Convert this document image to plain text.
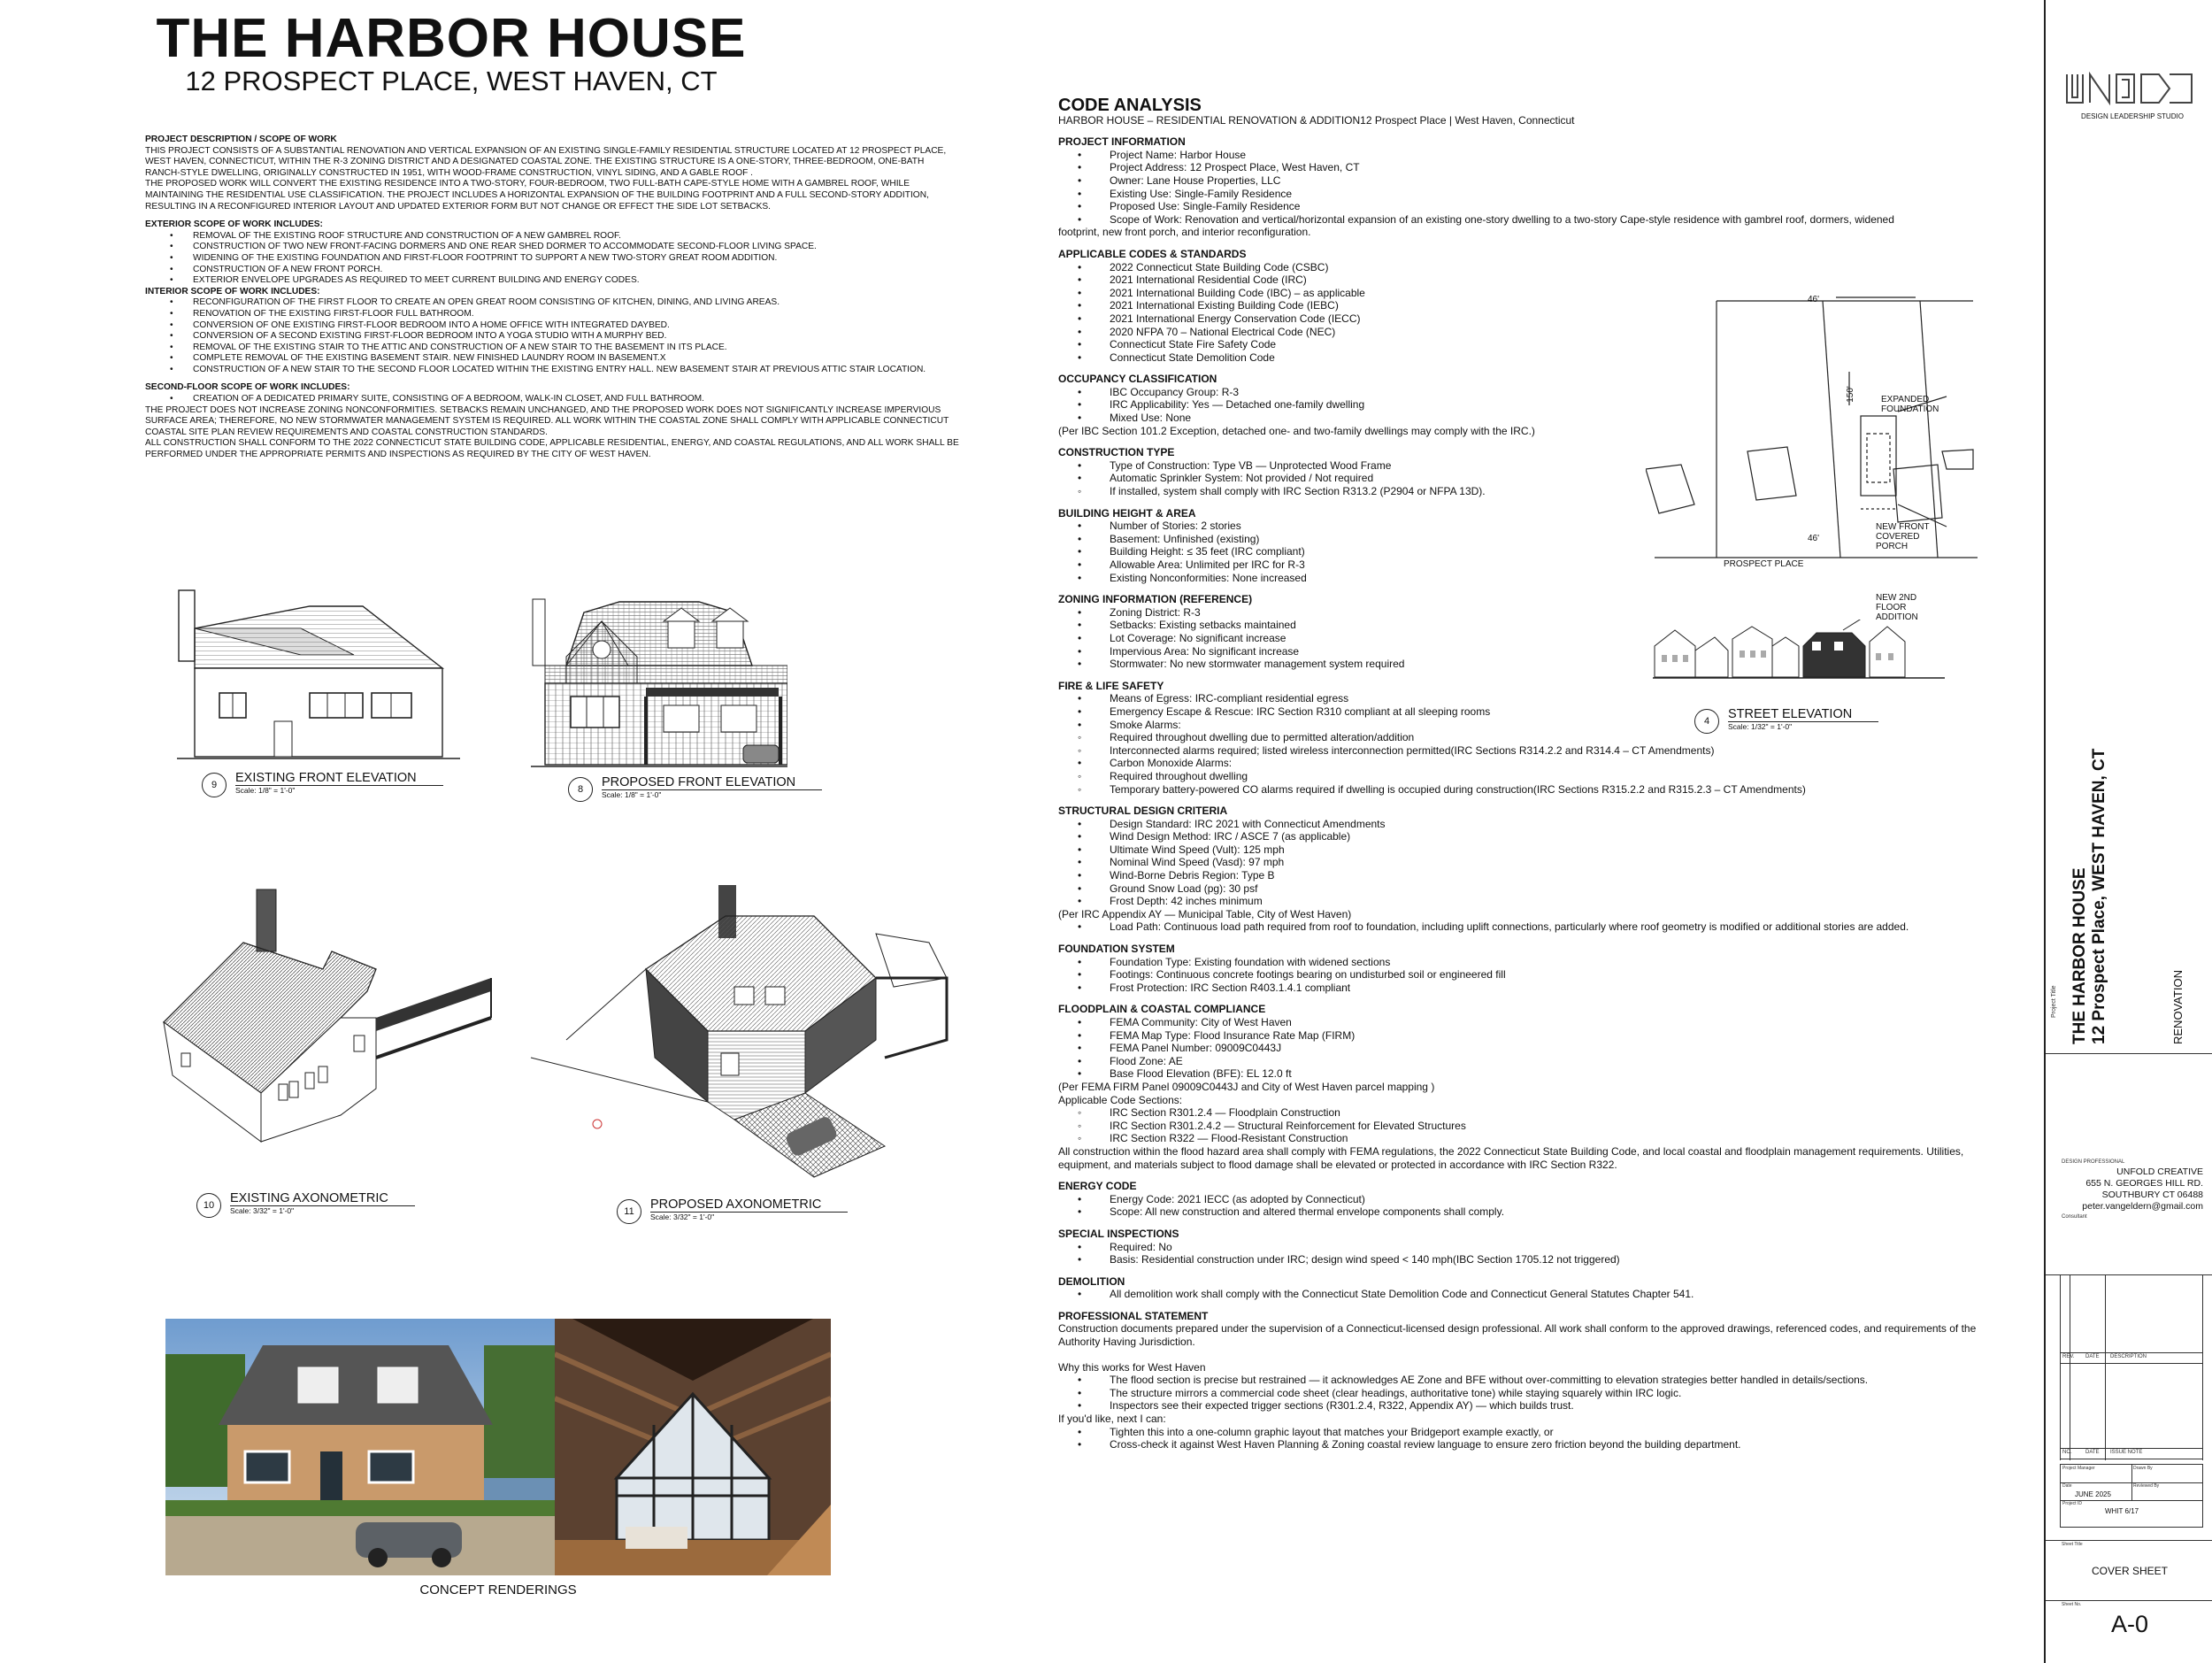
THE HARBOR HOUSE
12 PROSPECT PLACE, WEST HAVEN, CT

PROJECT DESCRIPTION / SCOPE OF WORK

THIS PROJECT CONSISTS OF A SUBSTANTIAL RENOVATION AND VERTICAL EXPANSION OF AN EXISTING SINGLE-FAMILY RESIDENTIAL STRUCTURE LOCATED AT 12 PROSPECT PLACE, WEST HAVEN, CONNECTICUT, WITHIN THE R-3 ZONING DISTRICT AND A DESIGNATED COASTAL ZONE. THE EXISTING STRUCTURE IS A ONE-STORY, THREE-BEDROOM, ONE-BATH RANCH-STYLE DWELLING, ORIGINALLY CONSTRUCTED IN 1951, WITH WOOD-FRAME CONSTRUCTION, VINYL SIDING, AND A GABLE ROOF .

THE PROPOSED WORK WILL CONVERT THE EXISTING RESIDENCE INTO A TWO-STORY, FOUR-BEDROOM, TWO FULL-BATH CAPE-STYLE HOME WITH A GAMBREL ROOF, WHILE MAINTAINING THE RESIDENTIAL USE CLASSIFICATION. THE PROJECT INCLUDES A HORIZONTAL EXPANSION OF THE BUILDING FOOTPRINT AND A FULL SECOND-STORY ADDITION, RESULTING IN A RECONFIGURED INTERIOR LAYOUT AND UPDATED EXTERIOR FORM BUT NOT CHANGE OR EFFECT THE SIDE LOT SETBACKS.

EXTERIOR SCOPE OF WORK INCLUDES:

• REMOVAL OF THE EXISTING ROOF STRUCTURE AND CONSTRUCTION OF A NEW GAMBREL ROOF.
• CONSTRUCTION OF TWO NEW FRONT-FACING DORMERS AND ONE REAR SHED DORMER TO ACCOMMODATE SECOND-FLOOR LIVING SPACE.
• WIDENING OF THE EXISTING FOUNDATION AND FIRST-FLOOR FOOTPRINT TO SUPPORT A NEW TWO-STORY GREAT ROOM ADDITION.
• CONSTRUCTION OF A NEW FRONT PORCH.
• EXTERIOR ENVELOPE UPGRADES AS REQUIRED TO MEET CURRENT BUILDING AND ENERGY CODES.

INTERIOR SCOPE OF WORK INCLUDES:

• RECONFIGURATION OF THE FIRST FLOOR TO CREATE AN OPEN GREAT ROOM CONSISTING OF KITCHEN, DINING, AND LIVING AREAS.
• RENOVATION OF THE EXISTING FIRST-FLOOR FULL BATHROOM.
• CONVERSION OF ONE EXISTING FIRST-FLOOR BEDROOM INTO A HOME OFFICE WITH INTEGRATED DAYBED.
• CONVERSION OF A SECOND EXISTING FIRST-FLOOR BEDROOM INTO A YOGA STUDIO WITH A MURPHY BED.
• REMOVAL OF THE EXISTING STAIR TO THE ATTIC AND CONSTRUCTION OF A NEW STAIR TO THE BASEMENT IN ITS PLACE.
• COMPLETE REMOVAL OF THE EXISTING BASEMENT STAIR. NEW FINISHED LAUNDRY ROOM IN BASEMENT.X
• CONSTRUCTION OF A NEW STAIR TO THE SECOND FLOOR LOCATED WITHIN THE EXISTING ENTRY HALL. NEW BASEMENT STAIR AT PREVIOUS ATTIC STAIR LOCATION.

SECOND-FLOOR SCOPE OF WORK INCLUDES:

• CREATION OF A DEDICATED PRIMARY SUITE, CONSISTING OF A BEDROOM, WALK-IN CLOSET, AND FULL BATHROOM.

THE PROJECT DOES NOT INCREASE ZONING NONCONFORMITIES. SETBACKS REMAIN UNCHANGED, AND THE PROPOSED WORK DOES NOT SIGNIFICANTLY INCREASE IMPERVIOUS SURFACE AREA; THEREFORE, NO NEW STORMWATER MANAGEMENT SYSTEM IS REQUIRED. ALL WORK WITHIN THE COASTAL ZONE SHALL COMPLY WITH APPLICABLE CONNECTICUT COASTAL SITE PLAN REVIEW REQUIREMENTS AND COASTAL CONSTRUCTION STANDARDS.

ALL CONSTRUCTION SHALL CONFORM TO THE 2022 CONNECTICUT STATE BUILDING CODE, APPLICABLE RESIDENTIAL, ENERGY, AND COASTAL REGULATIONS, AND ALL WORK SHALL BE PERFORMED UNDER THE APPROPRIATE PERMITS AND INSPECTIONS AS REQUIRED BY THE CITY OF WEST HAVEN.

9	EXISTING FRONT ELEVATION
Scale: 1/8" = 1'-0"	8	PROPOSED FRONT ELEVATION
Scale: 1/8" = 1'-0"
10	EXISTING AXONOMETRIC
Scale: 3/32" = 1'-0"	11	PROPOSED AXONOMETRIC
Scale: 3/32" = 1'-0"
CONCEPT RENDERINGS
CODE ANALYSIS

HARBOR HOUSE – RESIDENTIAL RENOVATION & ADDITION12 Prospect Place | West Haven, Connecticut

PROJECT INFORMATION

• Project Name: Harbor House
• Project Address: 12 Prospect Place, West Haven, CT
• Owner: Lane House Properties, LLC
• Existing Use: Single-Family Residence
• Proposed Use: Single-Family Residence
• Scope of Work: Renovation and vertical/horizontal expansion of an existing one-story dwelling to a two-story Cape-style residence with gambrel roof, dormers, widened

footprint, new front porch, and interior reconfiguration.

APPLICABLE CODES & STANDARDS

• 2022 Connecticut State Building Code (CSBC)
• 2021 International Residential Code (IRC)
• 2021 International Building Code (IBC) – as applicable
• 2021 International Existing Building Code (IEBC)
• 2021 International Energy Conservation Code (IECC)
• 2020 NFPA 70 – National Electrical Code (NEC)
• Connecticut State Fire Safety Code
• Connecticut State Demolition Code

OCCUPANCY CLASSIFICATION

• IBC Occupancy Group: R-3
• IRC Applicability: Yes — Detached one-family dwelling
• Mixed Use: None

(Per IBC Section 101.2 Exception, detached one- and two-family dwellings may comply with the IRC.)

CONSTRUCTION TYPE

• Type of Construction: Type VB — Unprotected Wood Frame
• Automatic Sprinkler System: Not provided / Not required
◦ If installed, system shall comply with IRC Section R313.2 (P2904 or NFPA 13D).

BUILDING HEIGHT & AREA

• Number of Stories: 2 stories
• Basement: Unfinished (existing)
• Building Height: ≤ 35 feet (IRC compliant)
• Allowable Area: Unlimited per IRC for R-3
• Existing Nonconformities: None increased

ZONING INFORMATION (REFERENCE)

• Zoning District: R-3
• Setbacks: Existing setbacks maintained
• Lot Coverage: No significant increase
• Impervious Area: No significant increase
• Stormwater: No new stormwater management system required

FIRE & LIFE SAFETY

• Means of Egress: IRC-compliant residential egress
• Emergency Escape & Rescue: IRC Section R310 compliant at all sleeping rooms
• Smoke Alarms:
◦ Required throughout dwelling due to permitted alteration/addition
◦ Interconnected alarms required; listed wireless interconnection permitted(IRC Sections R314.2.2 and R314.4 – CT Amendments)
• Carbon Monoxide Alarms:
◦ Required throughout dwelling
◦ Temporary battery-powered CO alarms required if dwelling is occupied during construction(IRC Sections R315.2.2 and R315.2.3 – CT Amendments)

STRUCTURAL DESIGN CRITERIA

• Design Standard: IRC 2021 with Connecticut Amendments
• Wind Design Method: IRC / ASCE 7 (as applicable)
• Ultimate Wind Speed (Vult): 125 mph
• Nominal Wind Speed (Vasd): 97 mph
• Wind-Borne Debris Region: Type B
• Ground Snow Load (pg): 30 psf
• Frost Depth: 42 inches minimum

(Per IRC Appendix AY — Municipal Table, City of West Haven)

• Load Path: Continuous load path required from roof to foundation, including uplift connections, particularly where roof geometry is modified or additional stories are added.

FOUNDATION SYSTEM

• Foundation Type: Existing foundation with widened sections
• Footings: Continuous concrete footings bearing on undisturbed soil or engineered fill
• Frost Protection: IRC Section R403.1.4.1 compliant

FLOODPLAIN & COASTAL COMPLIANCE

• FEMA Community: City of West Haven
• FEMA Map Type: Flood Insurance Rate Map (FIRM)
• FEMA Panel Number: 09009C0443J
• Flood Zone: AE
• Base Flood Elevation (BFE): EL 12.0 ft

(Per FEMA FIRM Panel 09009C0443J and City of West Haven parcel mapping )

Applicable Code Sections:

◦ IRC Section R301.2.4 — Floodplain Construction
◦ IRC Section R301.2.4.2 — Structural Reinforcement for Elevated Structures
◦ IRC Section R322 — Flood-Resistant Construction

All construction within the flood hazard area shall comply with FEMA regulations, the 2022 Connecticut State Building Code, and local coastal and floodplain management requirements. Utilities, equipment, and materials subject to flood damage shall be elevated or protected in accordance with IRC Section R322.

ENERGY CODE

• Energy Code: 2021 IECC (as adopted by Connecticut)
• Scope: All new construction and altered thermal envelope components shall comply.

SPECIAL INSPECTIONS

• Required: No
• Basis: Residential construction under IRC; design wind speed < 140 mph(IBC Section 1705.12 not triggered)

DEMOLITION

• All demolition work shall comply with the Connecticut State Demolition Code and Connecticut General Statutes Chapter 541.

PROFESSIONAL STATEMENT

Construction documents prepared under the supervision of a Connecticut-licensed design professional. All work shall conform to the approved drawings, referenced codes, and requirements of the Authority Having Jurisdiction.

Why this works for West Haven

• The flood section is precise but restrained — it acknowledges AE Zone and BFE without over-committing to elevation strategies better handled in details/sections.
• The structure mirrors a commercial code sheet (clear headings, authoritative tone) while staying squarely within IRC logic.
• Inspectors see their expected trigger sections (R301.2.4, R322, Appendix AY) — which builds trust.

If you'd like, next I can:

• Tighten this into a one-column graphic layout that matches your Bridgeport example exactly, or
• Cross-check it against West Haven Planning & Zoning coastal review language to ensure zero friction beyond the building department.
46'
150'
46'
EXPANDED
FOUNDATION
NEW FRONT
COVERED
PORCH
PROSPECT PLACE
NEW 2ND
FLOOR
ADDITION
4	STREET ELEVATION
Scale: 1/32" = 1'-0"
DESIGN LEADERSHIP STUDIO
Project Title THE HARBOR HOUSE 12 Prospect Place, WEST HAVEN, CT	RENOVATION
DESIGN PROFESSIONAL
UNFOLD CREATIVE
655 N. GEORGES HILL RD.
SOUTHBURY CT 06488
peter.vangeldern@gmail.com
Consultant
REV. DATE DESCRIPTION
NO.	DATE ISSUE NOTE
Project Manager	Drawn By
Date	Reviewed By
JUNE 2025
Project ID
WHIT 6/17
Sheet Title
COVER SHEET
Sheet No.
A-0
